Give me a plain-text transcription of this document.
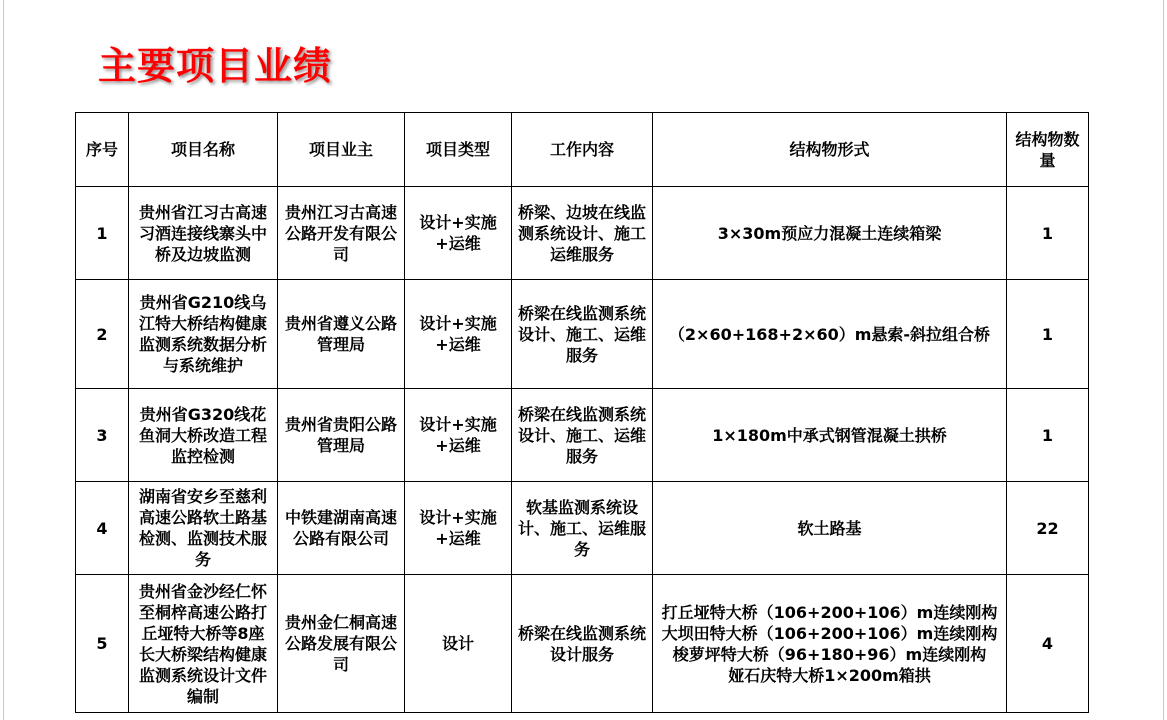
主要项目业绩
序号	项目名称	项目业主	项目类型	工作内容	结构物形式	结构物数量
1	贵州省江习古高速习酒连接线寨头中桥及边坡监测	贵州江习古高速公路开发有限公司	设计+实施+运维	桥梁、边坡在线监测系统设计、施工运维服务	3×30m预应力混凝土连续箱梁	1
2	贵州省G210线乌江特大桥结构健康监测系统数据分析与系统维护	贵州省遵义公路管理局	设计+实施+运维	桥梁在线监测系统设计、施工、运维服务	（2×60+168+2×60）m悬索-斜拉组合桥	1
3	贵州省G320线花鱼洞大桥改造工程监控检测	贵州省贵阳公路管理局	设计+实施+运维	桥梁在线监测系统设计、施工、运维服务	1×180m中承式钢管混凝土拱桥	1
4	湖南省安乡至慈利高速公路软土路基检测、监测技术服务	中铁建湖南高速公路有限公司	设计+实施+运维	软基监测系统设计、施工、运维服务	软土路基	22
5	贵州省金沙经仁怀至桐梓高速公路打丘垭特大桥等8座长大桥梁结构健康监测系统设计文件编制	贵州金仁桐高速公路发展有限公司	设计	桥梁在线监测系统设计服务	打丘垭特大桥（106+200+106）m连续刚构
大坝田特大桥（106+200+106）m连续刚构
梭萝坪特大桥（96+180+96）m连续刚构
娅石庆特大桥1×200m箱拱	4
